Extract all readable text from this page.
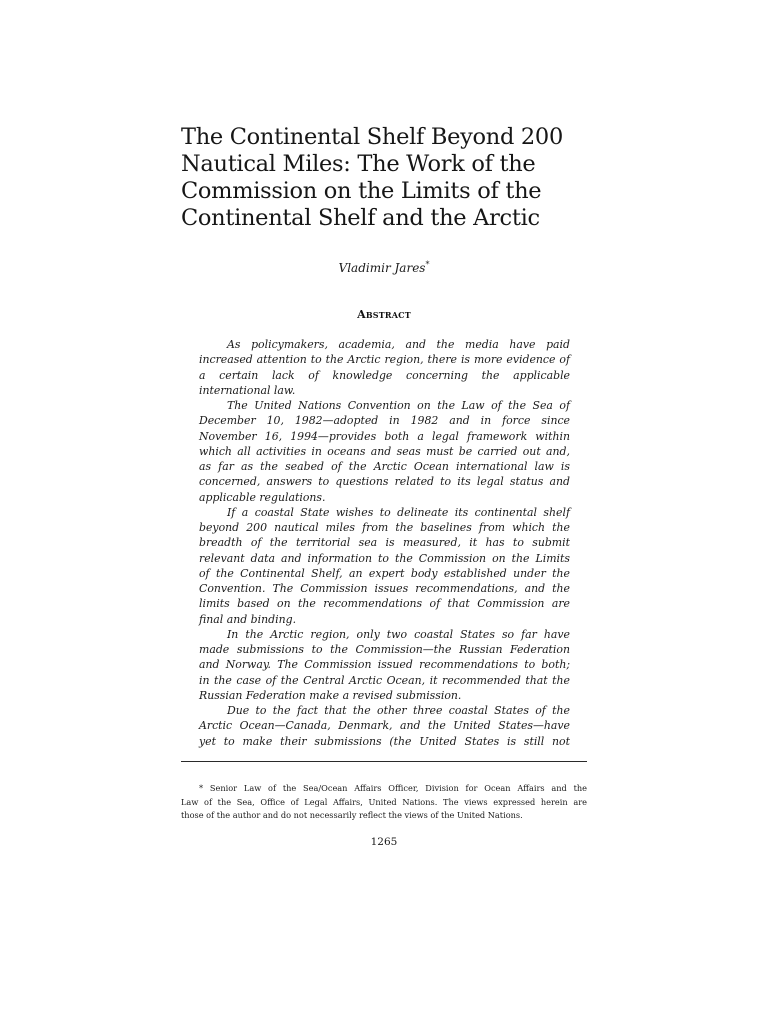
The Continental Shelf Beyond 200
Nautical Miles: The Work of the
Commission on the Limits of the
Continental Shelf and the Arctic
Vladimir Jares*
Abstract
As policymakers, academia, and the media have paid
increased attention to the Arctic region, there is more evidence of
a certain lack of knowledge concerning the applicable
international law.
The United Nations Convention on the Law of the Sea of
December 10, 1982—adopted in 1982 and in force since
November 16, 1994—provides both a legal framework within
which all activities in oceans and seas must be carried out and,
as far as the seabed of the Arctic Ocean international law is
concerned, answers to questions related to its legal status and
applicable regulations.
If a coastal State wishes to delineate its continental shelf
beyond 200 nautical miles from the baselines from which the
breadth of the territorial sea is measured, it has to submit
relevant data and information to the Commission on the Limits
of the Continental Shelf, an expert body established under the
Convention. The Commission issues recommendations, and the
limits based on the recommendations of that Commission are
final and binding.
In the Arctic region, only two coastal States so far have
made submissions to the Commission—the Russian Federation
and Norway. The Commission issued recommendations to both;
in the case of the Central Arctic Ocean, it recommended that the
Russian Federation make a revised submission.
Due to the fact that the other three coastal States of the
Arctic Ocean—Canada, Denmark, and the United States—have
yet to make their submissions (the United States is still not
* Senior Law of the Sea/Ocean Affairs Officer, Division for Ocean Affairs and the
Law of the Sea, Office of Legal Affairs, United Nations. The views expressed herein are
those of the author and do not necessarily reflect the views of the United Nations.
1265
